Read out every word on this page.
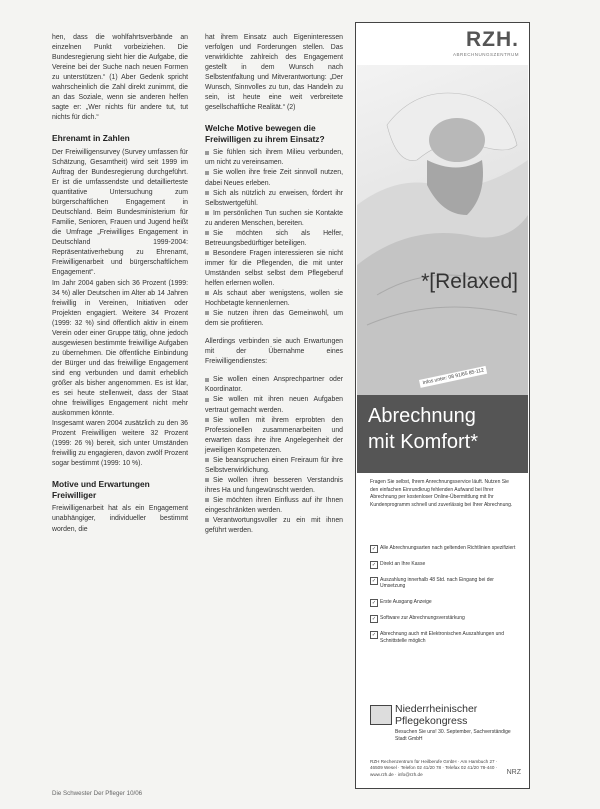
hen, dass die wohlfahrtsverbände an einzelnen Punkt vorbeiziehen. Die Bundesregierung sieht hier die Aufgabe, die Vereine bei der Suche nach neuen Formen zu unterstützen.“ (1) Aber Gedenk spricht wahrscheinlich die Zahl direkt zunimmt, die an das Soziale, wenn sie anderen helfen sagte er: „Wer nichts für andere tut, tut nichts für dich.“

Ehrenamt in Zahlen

Der Freiwilligensurvey (Survey umfassen für Schätzung, Gesamtheit) wird seit 1999 im Auftrag der Bundesregierung durchgeführt. Er ist die umfassendste und detaillierteste quantitative Untersuchung zum bürgerschaftlichen Engagement in Deutschland. Beim Bundesministerium für Familie, Senioren, Frauen und Jugend heißt die Umfrage „Freiwilliges Engagement in Deutschland 1999-2004: Repräsentativerhebung zu Ehrenamt, Freiwilligenarbeit und bürgerschaftlichem Engagement“.

Im Jahr 2004 gaben sich 36 Prozent (1999: 34 %) aller Deutschen im Alter ab 14 Jahren freiwillig in Vereinen, Initiativen oder Projekten engagiert. Weitere 34 Prozent (1999: 32 %) sind öffentlich aktiv in einem Verein oder einer Gruppe tätig, ohne jedoch ausgewiesen bestimmte freiwillige Aufgaben zu übernehmen. Die öffentliche Einbindung der Bürger und das freiwillige Engagement sind eng verbunden und damit erheblich größer als bisher angenommen. Es ist klar, es sei heute stellenweit, dass der Staat ohne freiwilliges Engagement nicht mehr auskommen könnte.

Insgesamt waren 2004 zusätzlich zu den 36 Prozent Freiwilligen weitere 32 Prozent (1999: 26 %) bereit, sich unter Umständen freiwillig zu engagieren, davon zwölf Prozent sogar bestimmt (1999: 10 %).

Motive und Erwartungen Freiwilliger

Freiwilligenarbeit hat als ein Engagement unabhängiger, individueller bestimmt worden, die

hat ihrem Einsatz auch Eigeninteressen verfolgen und Forderungen stellen. Das verwirklichte zahlreich des Engagement gestellt in dem Wunsch nach Selbstentfaltung und Mitverantwortung: „Der Wunsch, Sinnvolles zu tun, das Handeln zu sein, ist heute eine weit verbreitete gesellschaftliche Realität.“ (2)

Welche Motive bewegen die Freiwilligen zu ihrem Einsatz?

Sie fühlen sich ihrem Milieu verbunden, um nicht zu vereinsamen.

Sie wollen ihre freie Zeit sinnvoll nutzen, dabei Neues erleben.

Sich als nützlich zu erweisen, fördert ihr Selbstwertgefühl.

Im persönlichen Tun suchen sie Kontakte zu anderen Menschen, bereiten.

Sie möchten sich als Helfer, Betreuungsbedürftiger beteiligen.

Besondere Fragen interessieren sie nicht immer für die Pflegenden, die mit unter Umständen selbst selbst dem Pflegeberuf helfen erlernen wollen.

Als schaut aber wenigstens, wollen sie Hochbetagte kennenlernen.

Sie nutzen ihren das Gemeinwohl, um dem sie profitieren.

Allerdings verbinden sie auch Erwartungen mit der Übernahme eines Freiwilligendienstes:

Sie wollen einen Ansprechpartner oder Koordinator.

Sie wollen mit ihren neuen Aufgaben vertraut gemacht werden.

Sie wollen mit ihrem erprobten den Professionellen zusammenarbeiten und erwarten dass ihre ihre Angelegenheit der jeweiligen Kompetenzen.

Sie beanspruchen einen Freiraum für ihre Selbstverwirklichung.

Sie wollen ihren besseren Verstandnis ihres Ha und fungewünscht werden.

Sie möchten ihren Einfluss auf ihr Ihnen eingeschränkten werden.

Verantwortungsvoller zu ein mit ihnen geführt werden.

Die Schwester Der Pfleger 10/06
RZH.
ABRECHNUNGSZENTRUM
*[Relaxed]
Infos unter: 08 91/65 85-112
Abrechnung
mit Komfort*
Fragen Sie selbst, Ihrem Anrechnungsservice läuft. Nutzen Sie den einfachen Einrundkrug fehlenden Aufwand bei Ihrer Abrechnung per kostenloser Online-Übermittlung mit Ihr Kundenprogramm schnell und zuverlässig bei Ihrer Abrechnung.
✓ Alle Abrechnungsarten nach geltenden Richtlinien spezifiziert
✓ Direkt an Ihre Kasse
✓ Auszahlung innerhalb 48 Std. nach Eingang bei der Umsetzung
✓ Erste Ausgang Anzeige
✓ Software zur Abrechnungsverstärkung
✓ Abrechnung auch mit Elektronischen Auszahlungen und Schnittstelle möglich
Niederrheinischer
Pflegekongress
Besuchen Sie uns! 30. September, Sachverständige Stadt GmbH
RZH Rechenzentrum für Heilberufe GmbH · Am Hambuch 27 · 46509 Wesel · Telefon 02 41/20 78 · Telefax 02 41/20 78-440 · www.rzh.de · info@rzh.de	NRZ
